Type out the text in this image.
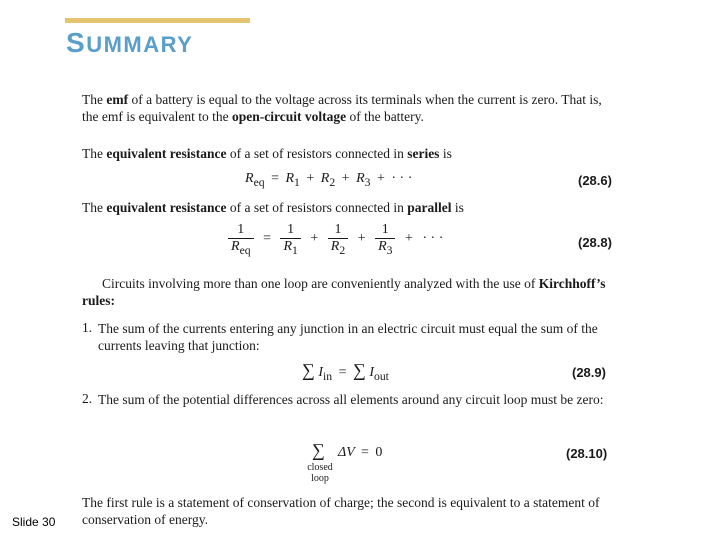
SUMMARY
The emf of a battery is equal to the voltage across its terminals when the current is zero. That is, the emf is equivalent to the open-circuit voltage of the battery.
The equivalent resistance of a set of resistors connected in series is
$R_{eq} = R_1 + R_2 + R_3$ + · · ·	(28.6)
The equivalent resistance of a set of resistors connected in parallel is
$\frac{1}{R_{eq}} = \frac{1}{R_1} + \frac{1}{R_2} + \frac{1}{R_3}$ + · · ·	(28.8)
Circuits involving more than one loop are conveniently analyzed with the use of Kirchhoff’s rules:
1. The sum of the currents entering any junction in an electric circuit must equal the sum of the currents leaving that junction:
∑ $I_{in}$ = ∑ $I_{out}$	(28.9)
2. The sum of the potential differences across all elements around any circuit loop must be zero:
∑
closed loop
ΔV = 0	(28.10)
The first rule is a statement of conservation of charge; the second is equivalent to a statement of conservation of energy.
Slide 30
